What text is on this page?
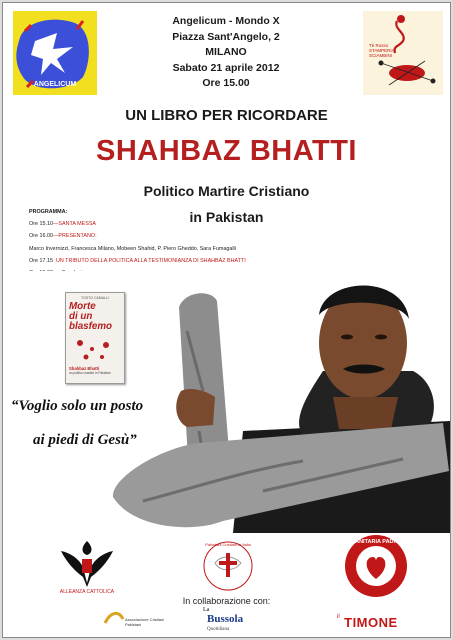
ANGELICUM
Angelicum - Mondo X
Piazza Sant'Angelo, 2
MILANO
Sabato 21 aprile 2012
Ore 15.00
Tè Rosso STAMPERIA SCIAMBINI
UN LIBRO PER RICORDARE
SHAHBAZ BHATTI
Politico Martire Cristiano
in Pakistan
PROGRAMMA:
Ore 15.10—SANTA MESSA
Ore 16.00—PRESENTANO:
Marco Invernizzi, Francesca Milano, Mobeen Shahid, P. Piero Gheddo, Sara Fumagalli
Ore 17.15 UN TRIBUTO DELLA POLITICA ALLA TESTIMONIANZA DI SHAHBAZ BHATTI
TOSTO CAMALLI
Morte
di un
blasfemo
Shahbaz Bhatti
un politico martire in Pakistan
“Voglio solo un posto
ai piedi di Gesù”
ALLEANZA CATTOLICA
Pakistani Cristiani in Italia	UMANITARIA PADANA
In collaborazione con:
Associazione Cristiani Pakistani
La
Bussola
Quotidiana
$^{il}$ TIMONE
